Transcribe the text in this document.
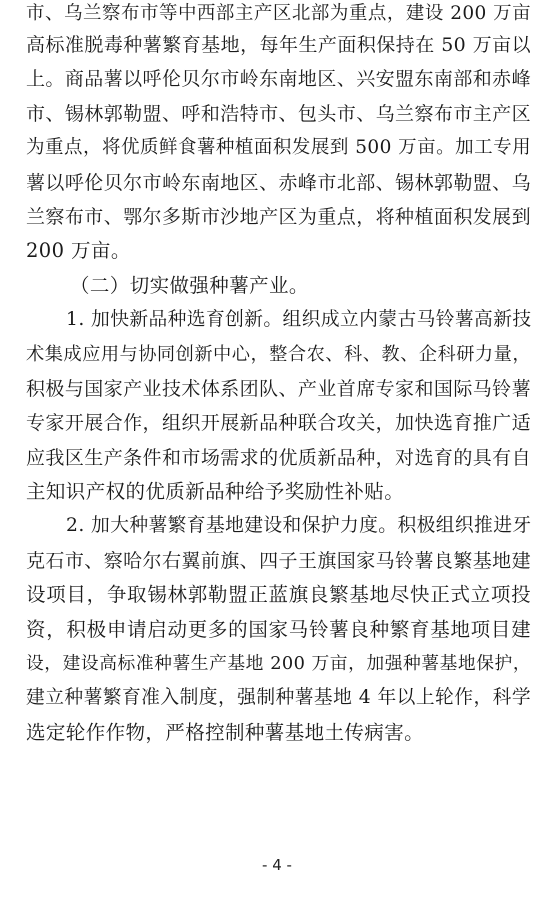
市、乌兰察布市等中西部主产区北部为重点，建设 200 万亩
高标准脱毒种薯繁育基地，每年生产面积保持在 50 万亩以
上。商品薯以呼伦贝尔市岭东南地区、兴安盟东南部和赤峰
市、锡林郭勒盟、呼和浩特市、包头市、乌兰察布市主产区
为重点，将优质鲜食薯种植面积发展到 500 万亩。加工专用
薯以呼伦贝尔市岭东南地区、赤峰市北部、锡林郭勒盟、乌
兰察布市、鄂尔多斯市沙地产区为重点，将种植面积发展到
200 万亩。
（二）切实做强种薯产业。
1. 加快新品种选育创新。组织成立内蒙古马铃薯高新技
术集成应用与协同创新中心，整合农、科、教、企科研力量，
积极与国家产业技术体系团队、产业首席专家和国际马铃薯
专家开展合作，组织开展新品种联合攻关，加快选育推广适
应我区生产条件和市场需求的优质新品种，对选育的具有自
主知识产权的优质新品种给予奖励性补贴。
2. 加大种薯繁育基地建设和保护力度。积极组织推进牙
克石市、察哈尔右翼前旗、四子王旗国家马铃薯良繁基地建
设项目，争取锡林郭勒盟正蓝旗良繁基地尽快正式立项投
资，积极申请启动更多的国家马铃薯良种繁育基地项目建
设，建设高标准种薯生产基地 200 万亩，加强种薯基地保护，
建立种薯繁育准入制度，强制种薯基地 4 年以上轮作，科学
选定轮作作物，严格控制种薯基地土传病害。
- 4 -
